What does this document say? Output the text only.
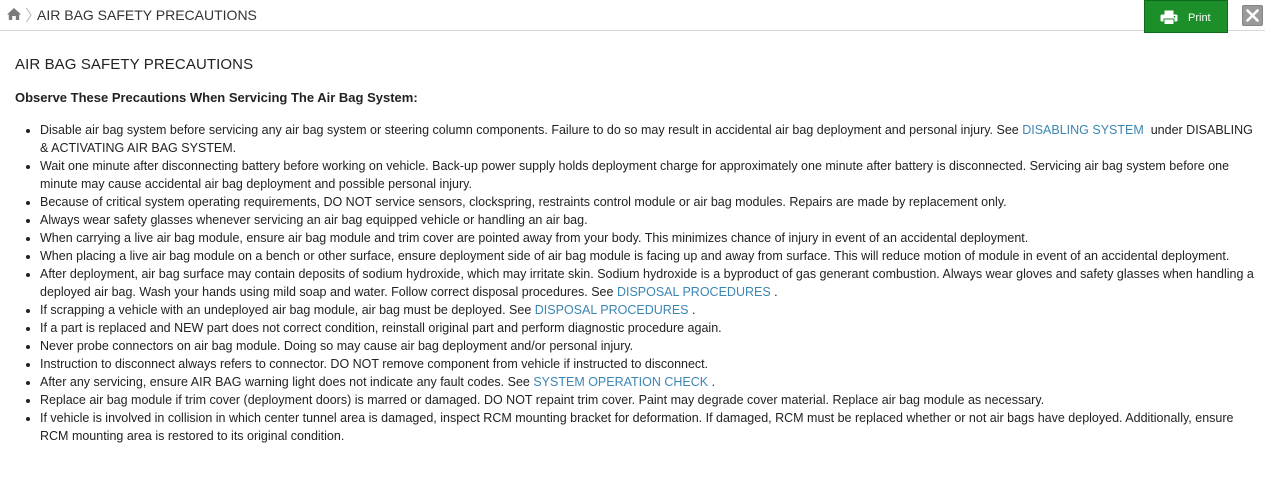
AIR BAG SAFETY PRECAUTIONS	Print
AIR BAG SAFETY PRECAUTIONS
Observe These Precautions When Servicing The Air Bag System:
• Disable air bag system before servicing any air bag system or steering column components. Failure to do so may result in accidental air bag deployment and personal injury. See DISABLING SYSTEM  under DISABLING & ACTIVATING AIR BAG SYSTEM.
• Wait one minute after disconnecting battery before working on vehicle. Back-up power supply holds deployment charge for approximately one minute after battery is disconnected. Servicing air bag system before one minute may cause accidental air bag deployment and possible personal injury.
• Because of critical system operating requirements, DO NOT service sensors, clockspring, restraints control module or air bag modules. Repairs are made by replacement only.
• Always wear safety glasses whenever servicing an air bag equipped vehicle or handling an air bag.
• When carrying a live air bag module, ensure air bag module and trim cover are pointed away from your body. This minimizes chance of injury in event of an accidental deployment.
• When placing a live air bag module on a bench or other surface, ensure deployment side of air bag module is facing up and away from surface. This will reduce motion of module in event of an accidental deployment.
• After deployment, air bag surface may contain deposits of sodium hydroxide, which may irritate skin. Sodium hydroxide is a byproduct of gas generant combustion. Always wear gloves and safety glasses when handling a deployed air bag. Wash your hands using mild soap and water. Follow correct disposal procedures. See DISPOSAL PROCEDURES .
• If scrapping a vehicle with an undeployed air bag module, air bag must be deployed. See DISPOSAL PROCEDURES .
• If a part is replaced and NEW part does not correct condition, reinstall original part and perform diagnostic procedure again.
• Never probe connectors on air bag module. Doing so may cause air bag deployment and/or personal injury.
• Instruction to disconnect always refers to connector. DO NOT remove component from vehicle if instructed to disconnect.
• After any servicing, ensure AIR BAG warning light does not indicate any fault codes. See SYSTEM OPERATION CHECK .
• Replace air bag module if trim cover (deployment doors) is marred or damaged. DO NOT repaint trim cover. Paint may degrade cover material. Replace air bag module as necessary.
• If vehicle is involved in collision in which center tunnel area is damaged, inspect RCM mounting bracket for deformation. If damaged, RCM must be replaced whether or not air bags have deployed. Additionally, ensure RCM mounting area is restored to its original condition.
